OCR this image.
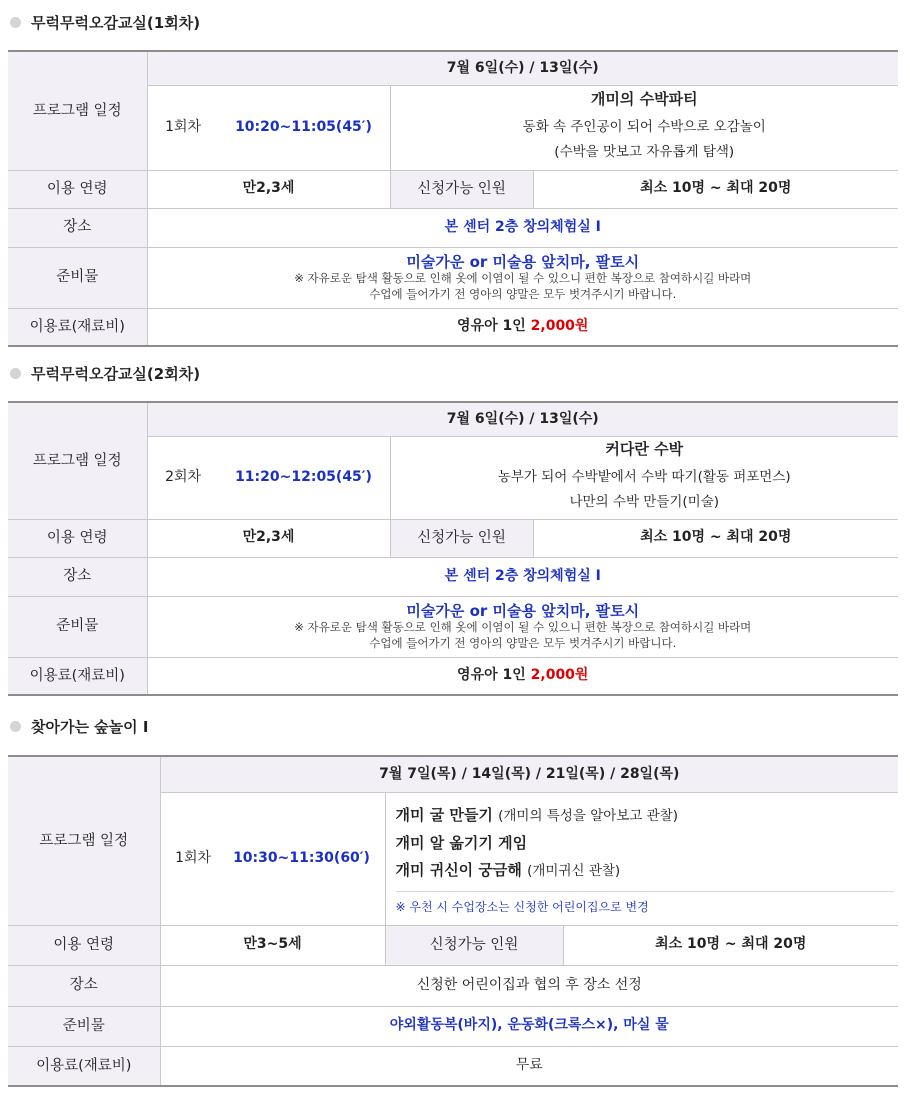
무럭무럭오감교실(1회차)
프로그램 일정	7월 6일(수) / 13일(수)		
	1회차 10:20~11:05(45′)	개미의 수박파티
동화 속 주인공이 되어 수박으로 오감놀이
(수박을 맛보고 자유롭게 탐색)	

이용 연령	만2,3세	신청가능 인원	최소 10명 ~ 최대 20명
장소	본 센터 2층 창의체험실 I		
준비물	미술가운 or 미술용 앞치마, 팔토시
※ 자유로운 탐색 활동으로 인해 옷에 이염이 될 수 있으니 편한 복장으로 참여하시길 바라며
수업에 들어가기 전 영아의 양말은 모두 벗겨주시기 바랍니다.		

이용료(재료비)	영유아 1인 2,000원		
무럭무럭오감교실(2회차)
프로그램 일정	7월 6일(수) / 13일(수)		
	2회차 11:20~12:05(45′)	커다란 수박
농부가 되어 수박밭에서 수박 따기(활동 퍼포먼스)
나만의 수박 만들기(미술)	

이용 연령	만2,3세	신청가능 인원	최소 10명 ~ 최대 20명
장소	본 센터 2층 창의체험실 I		
준비물	미술가운 or 미술용 앞치마, 팔토시
※ 자유로운 탐색 활동으로 인해 옷에 이염이 될 수 있으니 편한 복장으로 참여하시길 바라며
수업에 들어가기 전 영아의 양말은 모두 벗겨주시기 바랍니다.		

이용료(재료비)	영유아 1인 2,000원		
찾아가는 숲놀이 I
프로그램 일정	7월 7일(목) / 14일(목) / 21일(목) / 28일(목)		
	1회차 10:30~11:30(60′)	개미 굴 만들기 (개미의 특성을 알아보고 관찰)
개미 알 옮기기 게임
개미 귀신이 궁금해 (개미귀신 관찰)
※ 우천 시 수업장소는 신청한 어린이집으로 변경	

이용 연령	만3~5세	신청가능 인원	최소 10명 ~ 최대 20명
장소	신청한 어린이집과 협의 후 장소 선정		
준비물	야외활동복(바지), 운동화(크록스×), 마실 물		
이용료(재료비)	무료		
